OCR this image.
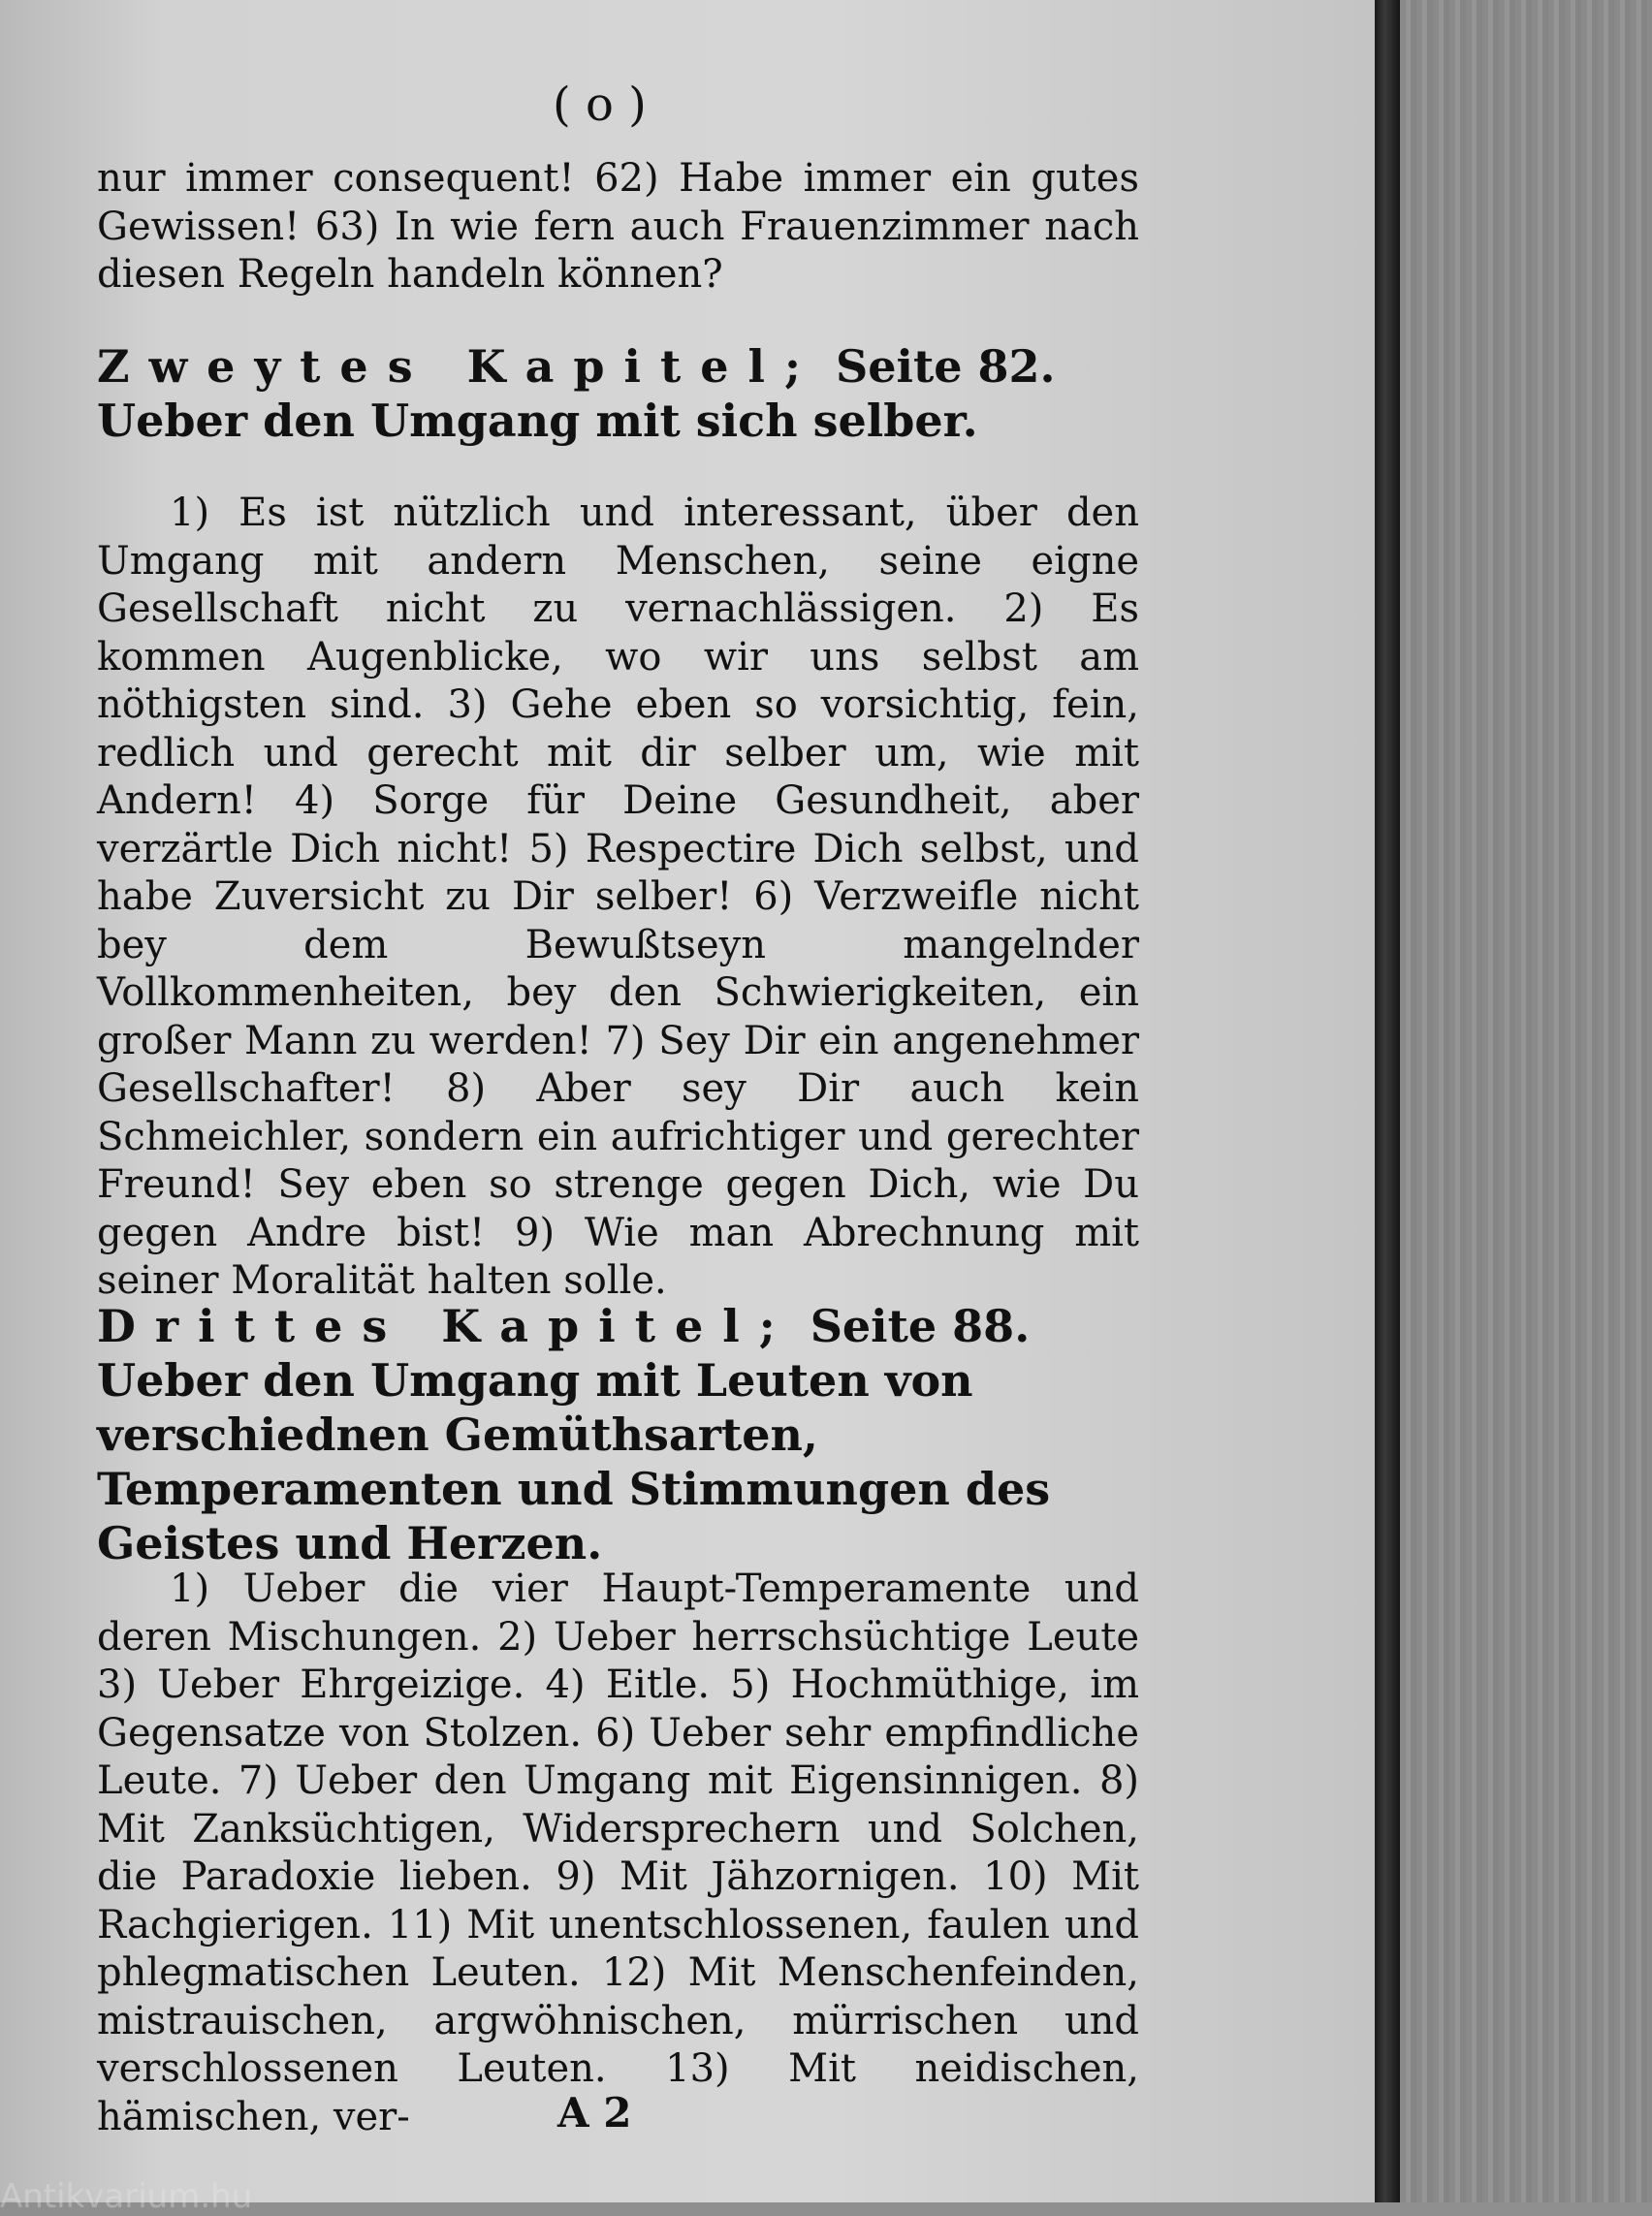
( o )

nur immer consequent! 62) Habe immer ein gutes Gewissen! 63) In wie fern auch Frauenzimmer nach diesen Regeln handeln können?

Zweytes Kapitel; Seite 82. Ueber den Umgang mit sich selber.

1) Es ist nützlich und interessant, über den Umgang mit andern Menschen, seine eigne Gesellschaft nicht zu vernachlässigen. 2) Es kommen Augenblicke, wo wir uns selbst am nöthigsten sind. 3) Gehe eben so vorsichtig, fein, redlich und gerecht mit dir selber um, wie mit Andern! 4) Sorge für Deine Gesundheit, aber verzärtle Dich nicht! 5) Respectire Dich selbst, und habe Zuversicht zu Dir selber! 6) Verzweifle nicht bey dem Bewußtseyn mangelnder Vollkommenheiten, bey den Schwierigkeiten, ein großer Mann zu werden! 7) Sey Dir ein angenehmer Gesellschafter! 8) Aber sey Dir auch kein Schmeichler, sondern ein aufrichtiger und gerechter Freund! Sey eben so strenge gegen Dich, wie Du gegen Andre bist! 9) Wie man Abrechnung mit seiner Moralität halten solle.

Drittes Kapitel; Seite 88. Ueber den Umgang mit Leuten von verschiednen Gemüthsarten, Temperamenten und Stimmungen des Geistes und Herzen.

1) Ueber die vier Haupt-Temperamente und deren Mischungen. 2) Ueber herrschsüchtige Leute 3) Ueber Ehrgeizige. 4) Eitle. 5) Hochmüthige, im Gegensatze von Stolzen. 6) Ueber sehr empfindliche Leute. 7) Ueber den Umgang mit Eigensinnigen. 8) Mit Zanksüchtigen, Widersprechern und Solchen, die Paradoxie lieben. 9) Mit Jähzornigen. 10) Mit Rachgierigen. 11) Mit unentschlossenen, faulen und phlegmatischen Leuten. 12) Mit Menschenfeinden, mistrauischen, argwöhnischen, mürrischen und verschlossenen Leuten. 13) Mit neidischen, hämischen, ver-	A 2
Antikvarium.hu
